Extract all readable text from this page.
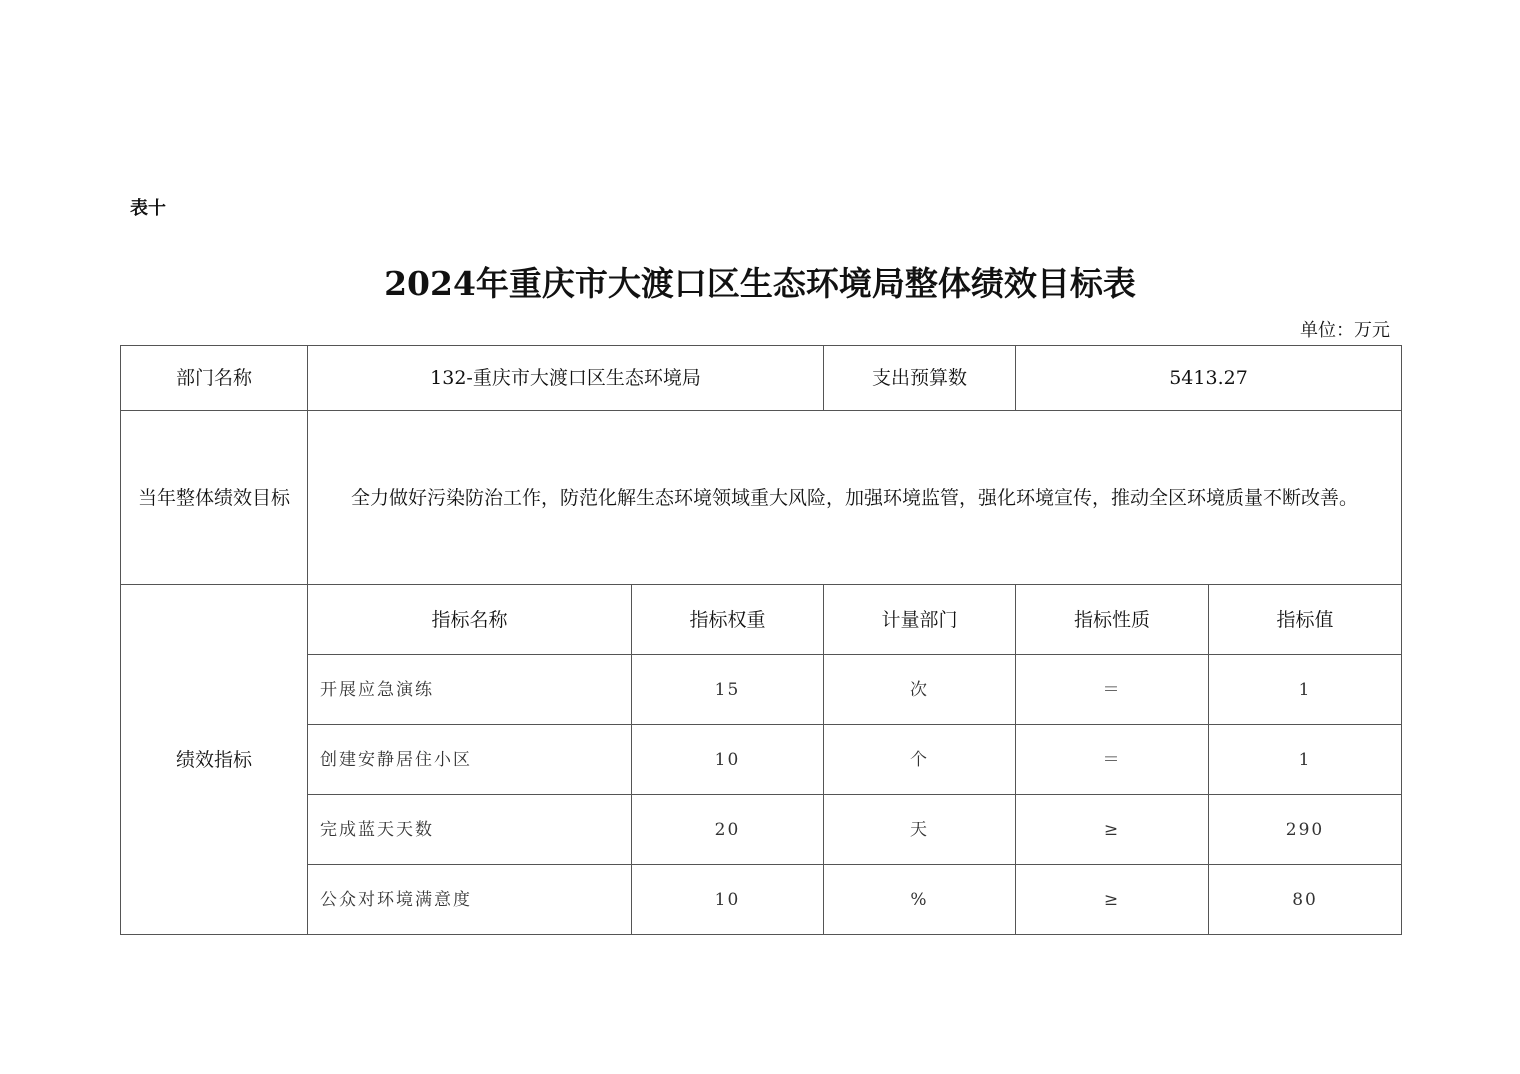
表十
2024年重庆市大渡口区生态环境局整体绩效目标表
单位：万元
部门名称	132-重庆市大渡口区生态环境局		支出预算数	5413.27	
当年整体绩效目标	全力做好污染防治工作，防范化解生态环境领域重大风险，加强环境监管，强化环境宣传，推动全区环境质量不断改善。				
绩效指标	指标名称	指标权重	计量部门	指标性质	指标值
	开展应急演练	15	次	＝	1
	创建安静居住小区	10	个	＝	1
	完成蓝天天数	20	天	≥	290
	公众对环境满意度	10	%	≥	80
